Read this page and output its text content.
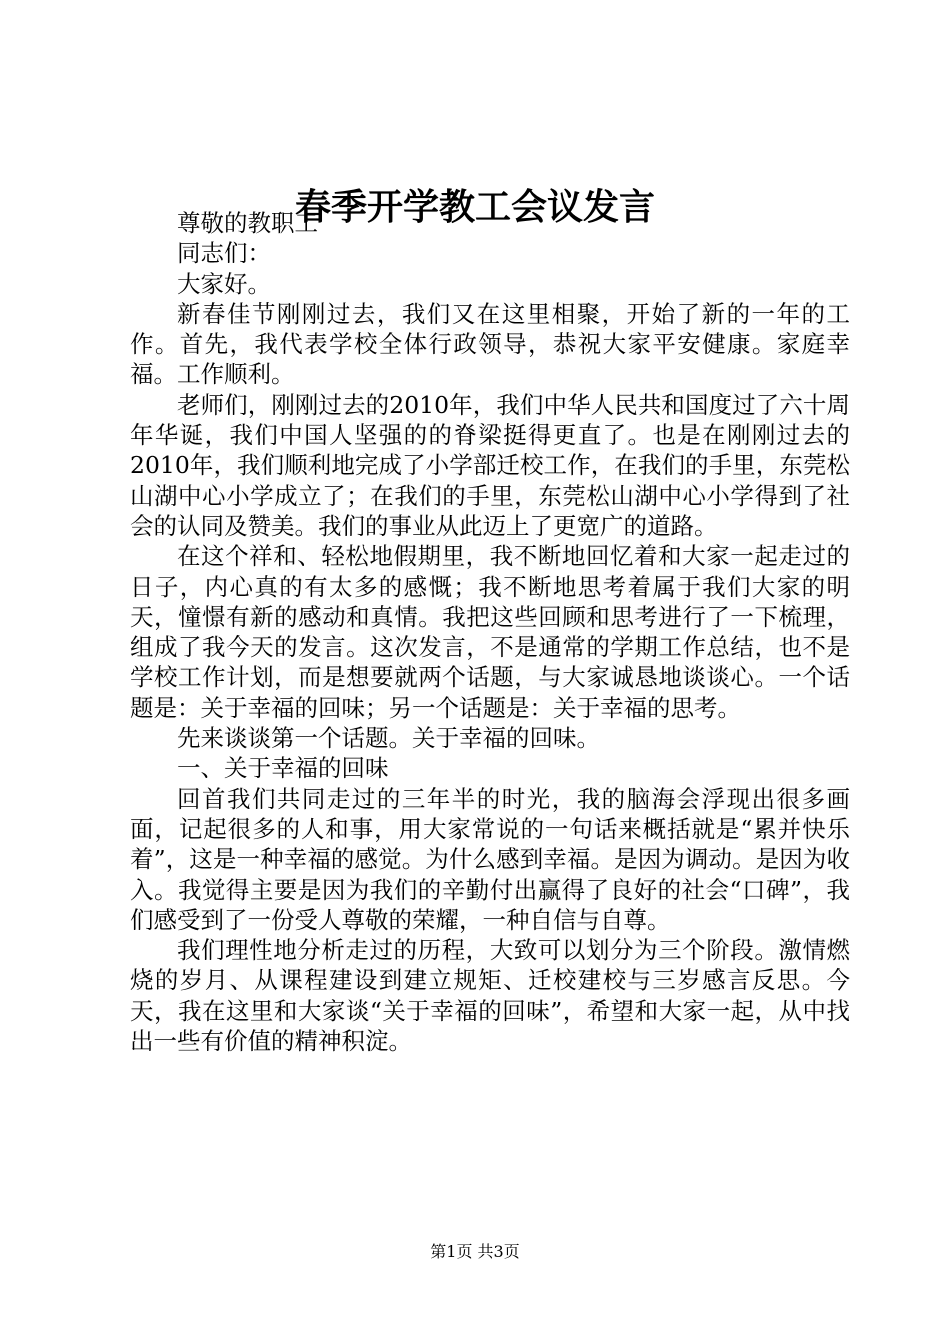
春季开学教工会议发言

尊敬的教职工

同志们：

大家好。

新春佳节刚刚过去，我们又在这里相聚，开始了新的一年的工作。首先，我代表学校全体行政领导，恭祝大家平安健康。家庭幸福。工作顺利。

老师们，刚刚过去的2010年，我们中华人民共和国度过了六十周年华诞，我们中国人坚强的的脊梁挺得更直了。也是在刚刚过去的2010年，我们顺利地完成了小学部迁校工作，在我们的手里，东莞松山湖中心小学成立了；在我们的手里，东莞松山湖中心小学得到了社会的认同及赞美。我们的事业从此迈上了更宽广的道路。

在这个祥和、轻松地假期里，我不断地回忆着和大家一起走过的日子，内心真的有太多的感慨；我不断地思考着属于我们大家的明天，憧憬有新的感动和真情。我把这些回顾和思考进行了一下梳理，组成了我今天的发言。这次发言，不是通常的学期工作总结，也不是学校工作计划，而是想要就两个话题，与大家诚恳地谈谈心。一个话题是：关于幸福的回味；另一个话题是：关于幸福的思考。

先来谈谈第一个话题。关于幸福的回味。

一、关于幸福的回味

回首我们共同走过的三年半的时光，我的脑海会浮现出很多画面，记起很多的人和事，用大家常说的一句话来概括就是“累并快乐着”，这是一种幸福的感觉。为什么感到幸福。是因为调动。是因为收入。我觉得主要是因为我们的辛勤付出赢得了良好的社会“口碑”，我们感受到了一份受人尊敬的荣耀，一种自信与自尊。

我们理性地分析走过的历程，大致可以划分为三个阶段。激情燃烧的岁月、从课程建设到建立规矩、迁校建校与三岁感言反思。今天，我在这里和大家谈“关于幸福的回味”，希望和大家一起，从中找出一些有价值的精神积淀。

第1页 共3页
